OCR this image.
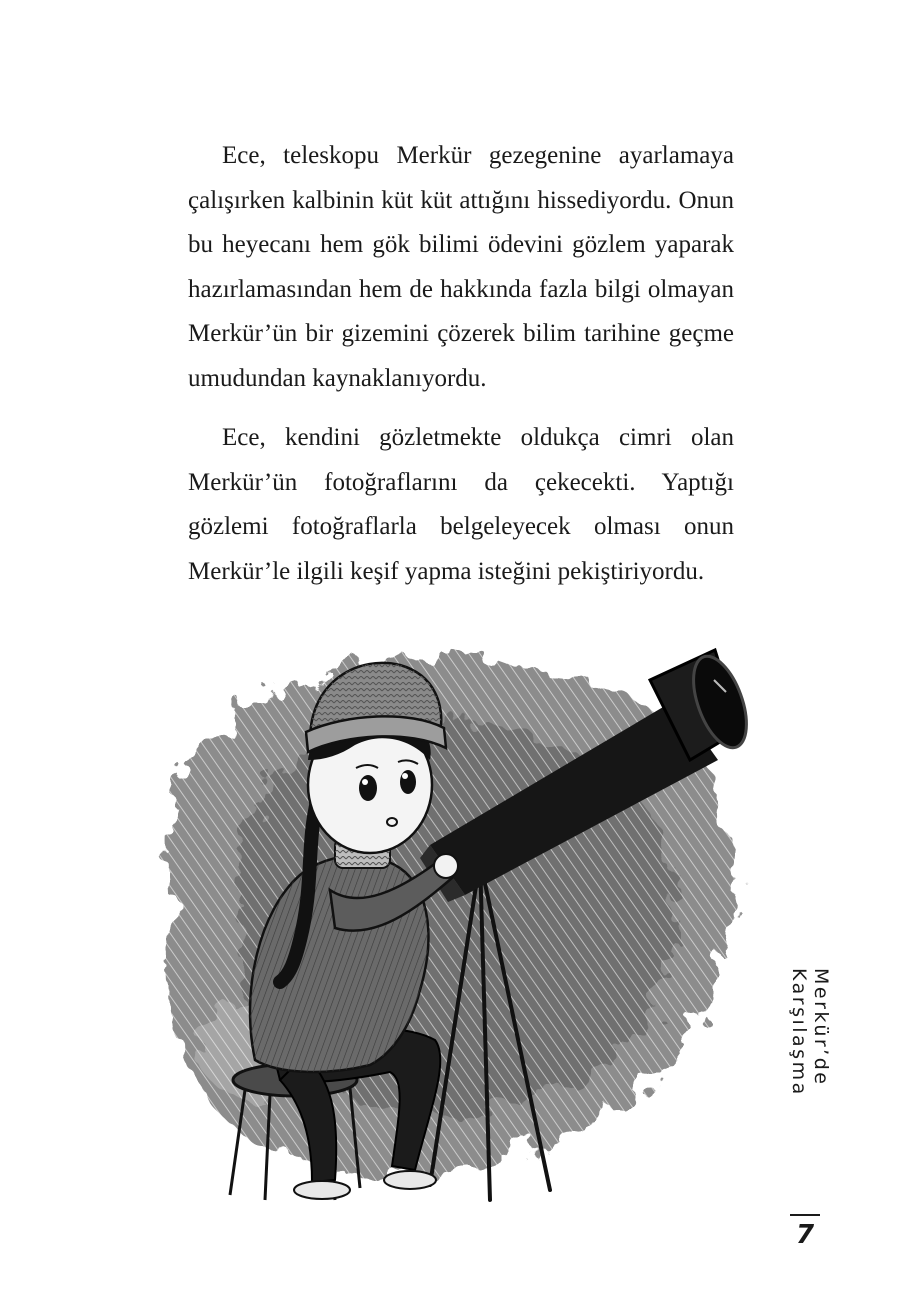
Ece, teleskopu Merkür gezegenine ayarlamaya çalışırken kalbinin küt küt attığını hissediyordu. Onun bu heyecanı hem gök bilimi ödevini gözlem yaparak hazırlamasından hem de hakkında fazla bilgi olmayan Merkür’ün bir gizemini çözerek bilim tarihine geçme umudundan kaynaklanıyordu.

Ece, kendini gözletmekte oldukça cimri olan Merkür’ün fotoğraflarını da çekecekti. Yaptığı gözlemi fotoğraflarla belgeleyecek olması onun Merkür’le ilgili keşif yapma isteğini pekiştiriyordu.

Merkür’de Karşılaşma
7
